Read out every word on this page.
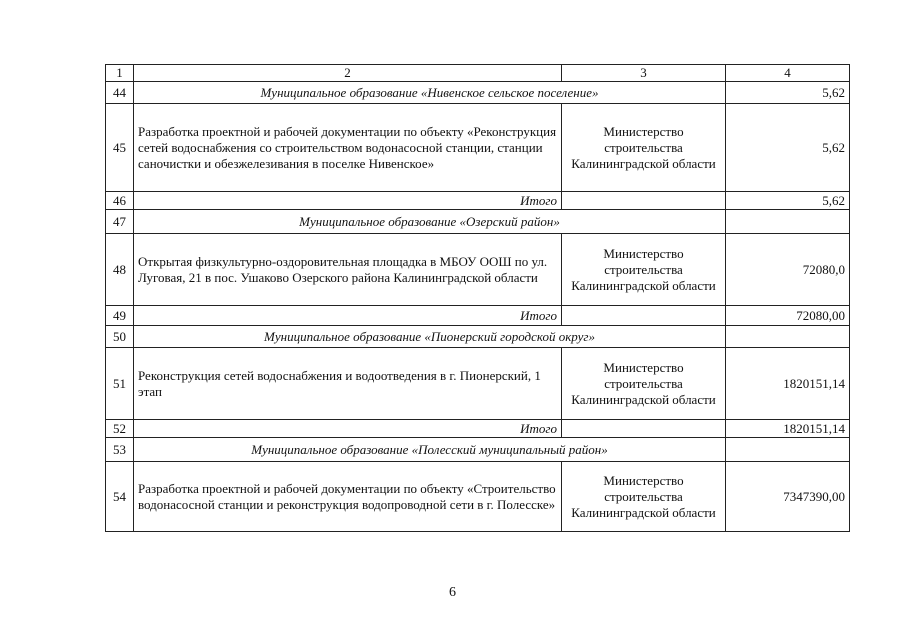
1	2	3	4
44	Муниципальное образование «Нивенское сельское поселение»		5,62
45	Разработка проектной и рабочей документации по объекту «Реконструкция сетей водоснабжения со строительством водонасосной станции, станции саночистки и обезжелезивания в поселке Нивенское»	Министерство строительства Калининградской области	5,62
46	Итого		5,62
47	Муниципальное образование «Озерский район»		
48	Открытая физкультурно-оздоровительная площадка в МБОУ ООШ по ул. Луговая, 21 в пос. Ушаково Озерского района Калининградской области	Министерство строительства Калининградской области	72080,0
49	Итого		72080,00
50	Муниципальное образование «Пионерский городской округ»		
51	Реконструкция сетей водоснабжения и водоотведения в г. Пионерский, 1 этап	Министерство строительства Калининградской области	1820151,14
52	Итого		1820151,14
53	Муниципальное образование «Полесский муниципальный район»		
54	Разработка проектной и рабочей документации по объекту «Строительство водонасосной станции и реконструкция водопроводной сети в г. Полесске»	Министерство строительства Калининградской области	7347390,00
6
